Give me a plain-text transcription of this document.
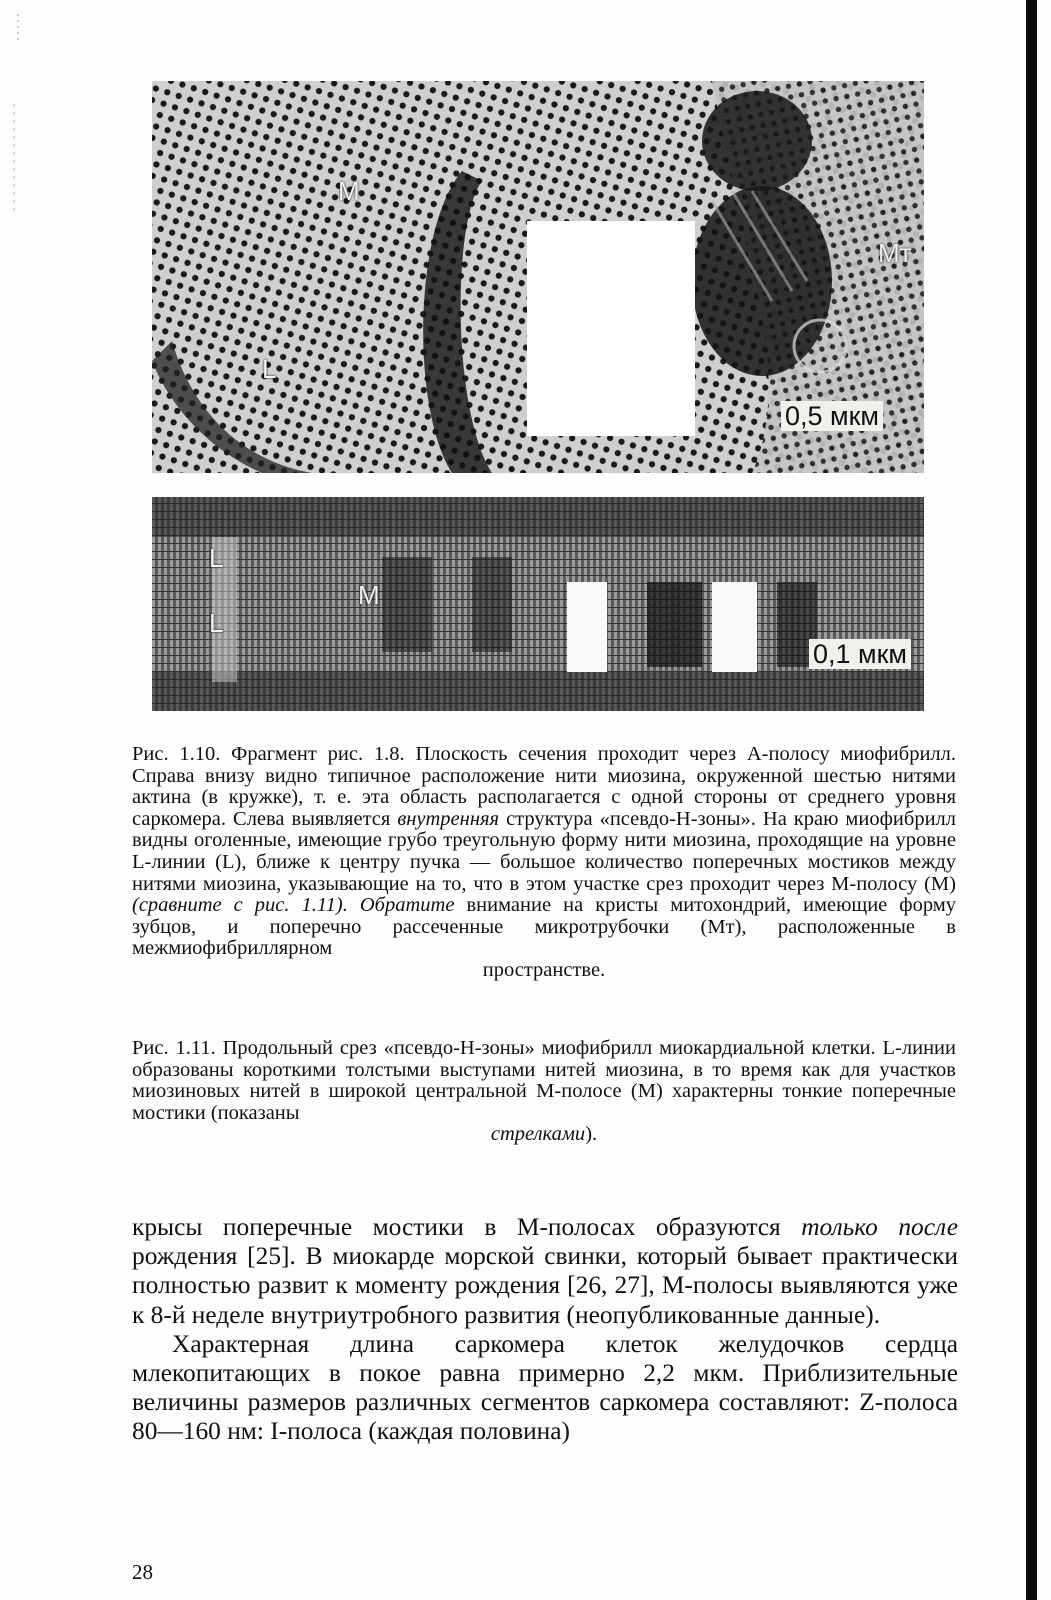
M
L
Mт
0,5 мкм
L
L
M
0,1 мкм

Рис. 1.10. Фрагмент рис. 1.8. Плоскость сечения проходит через А-полосу миофибрилл. Справа внизу видно типичное расположение нити миозина, окруженной шестью нитями актина (в кружке), т. е. эта область располагается с одной стороны от среднего уровня саркомера. Слева выявляется внутренняя структура «псевдо-Н-зоны». На краю миофибрилл видны оголенные, имеющие грубо треугольную форму нити миозина, проходящие на уровне L-линии (L), ближе к центру пучка — большое количество поперечных мостиков между нитями миозина, указывающие на то, что в этом участке срез проходит через М-полосу (М) (сравните с рис. 1.11). Обратите внимание на кристы митохондрий, имеющие форму зубцов, и поперечно рассеченные микротрубочки (Мт), расположенные в межмиофибриллярном

пространстве.

Рис. 1.11. Продольный срез «псевдо-Н-зоны» миофибрилл миокардиальной клетки. L-линии образованы короткими толстыми выступами нитей миозина, в то время как для участков миозиновых нитей в широкой центральной М-полосе (М) характерны тонкие поперечные мостики (показаны

стрелками).

крысы поперечные мостики в М-полосах образуются только после рождения [25]. В миокарде морской свинки, который бывает практически полностью развит к моменту рождения [26, 27], М-полосы выявляются уже к 8-й неделе внутриутробного развития (неопубликованные данные).

Характерная длина саркомера клеток желудочков сердца млекопитающих в покое равна примерно 2,2 мкм. Приблизительные величины размеров различных сегментов саркомера составляют: Z-полоса 80—160 нм: I-полоса (каждая половина)

28
